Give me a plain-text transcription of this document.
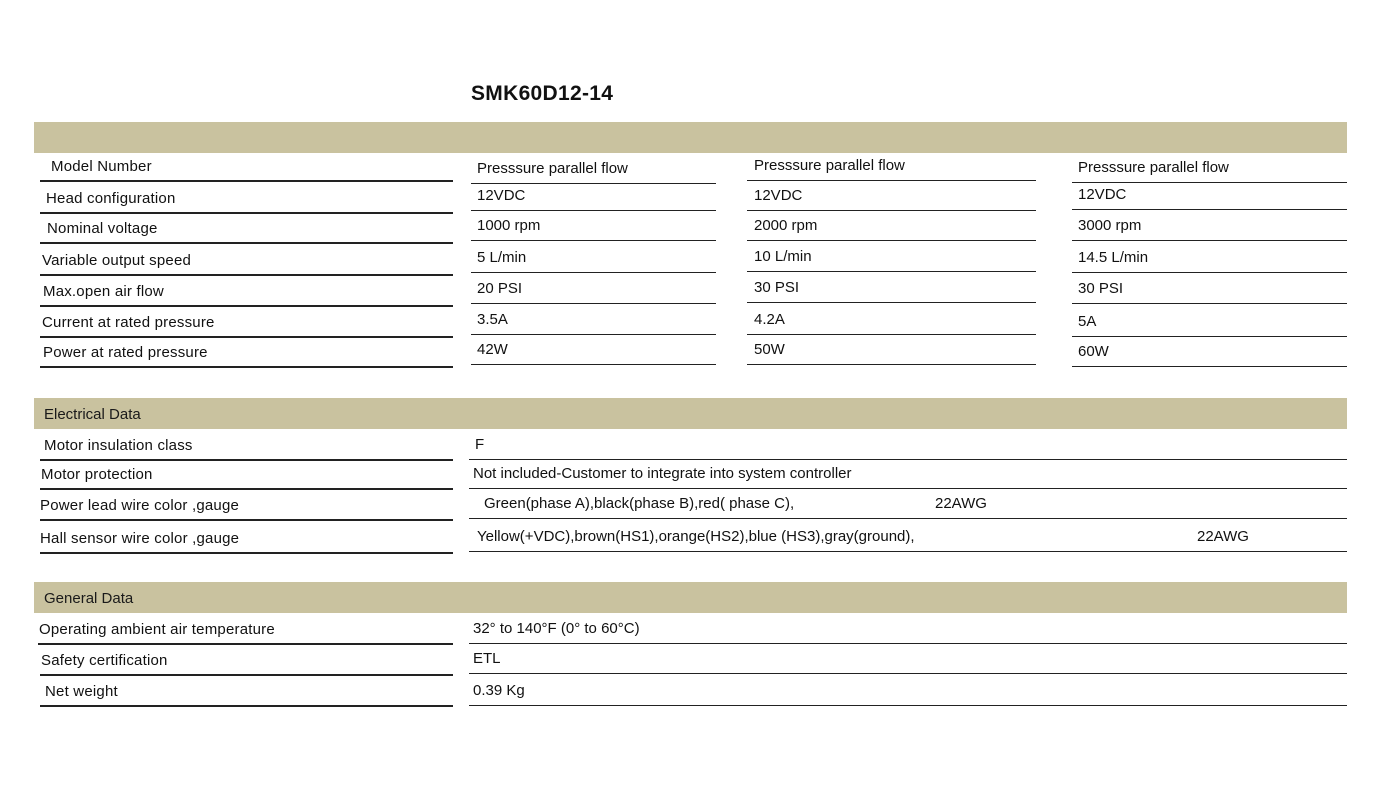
SMK60D12-14
Model Number	Presssure parallel flow	Presssure parallel flow	Presssure parallel flow
Head configuration	12VDC	12VDC	12VDC
Nominal voltage	1000 rpm	2000 rpm	3000 rpm
Variable output speed	5 L/min	10 L/min	14.5 L/min
Max.open air flow	20 PSI	30 PSI	30 PSI
Current at rated pressure	3.5A	4.2A	5A
Power at rated pressure	42W	50W	60W
Electrical Data
Motor insulation class	F
Motor protection	Not included-Customer to integrate into system controller
Power lead wire color ,gauge	Green(phase A),black(phase B),red( phase C),	22AWG
Hall sensor wire color ,gauge	Yellow(+VDC),brown(HS1),orange(HS2),blue (HS3),gray(ground),	22AWG
General Data
Operating ambient air temperature	32° to 140°F (0° to 60°C)
Safety certification	ETL
Net weight	0.39 Kg
